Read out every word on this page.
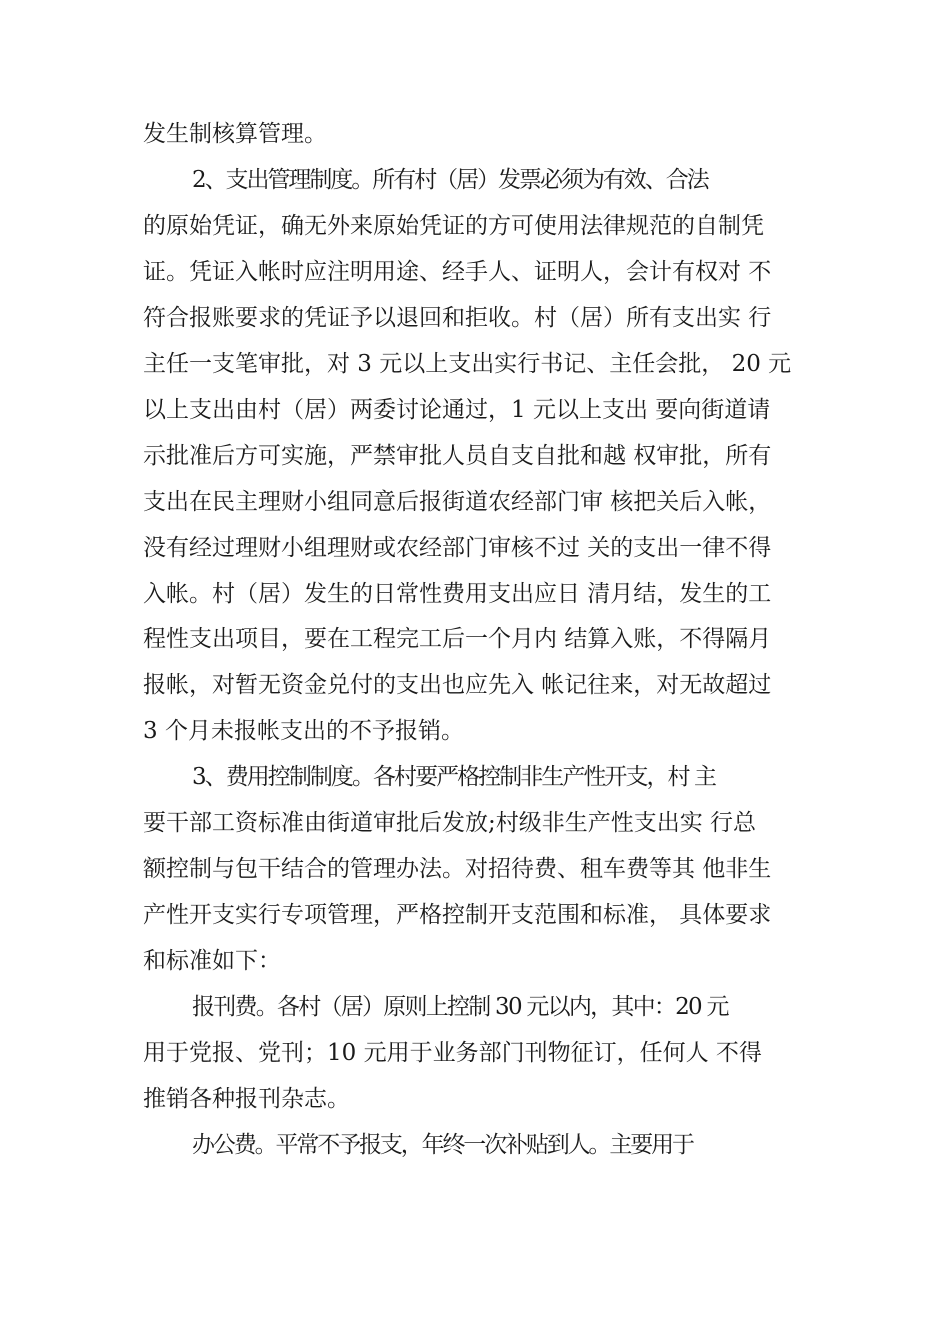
发生制核算管理。
2、支出管理制度。所有村（居）发票必须为有效、合法
的原始凭证，确无外来原始凭证的方可使用法律规范的自制凭
证。凭证入帐时应注明用途、经手人、证明人，会计有权对 不
符合报账要求的凭证予以退回和拒收。村（居）所有支出实 行
主任一支笔审批，对 3 元以上支出实行书记、主任会批， 20 元
以上支出由村（居）两委讨论通过，1 元以上支出 要向街道请
示批准后方可实施，严禁审批人员自支自批和越 权审批，所有
支出在民主理财小组同意后报街道农经部门审 核把关后入帐，
没有经过理财小组理财或农经部门审核不过 关的支出一律不得
入帐。村（居）发生的日常性费用支出应日 清月结，发生的工
程性支出项目，要在工程完工后一个月内 结算入账，不得隔月
报帐，对暂无资金兑付的支出也应先入 帐记往来，对无故超过
3 个月未报帐支出的不予报销。
3、费用控制制度。各村要严格控制非生产性开支，村 主
要干部工资标准由街道审批后发放;村级非生产性支出实 行总
额控制与包干结合的管理办法。对招待费、租车费等其 他非生
产性开支实行专项管理，严格控制开支范围和标准， 具体要求
和标准如下：
报刊费。各村（居）原则上控制 30 元以内，其中：20 元
用于党报、党刊；10 元用于业务部门刊物征订，任何人 不得
推销各种报刊杂志。
办公费。平常不予报支，年终一次补贴到人。主要用于
